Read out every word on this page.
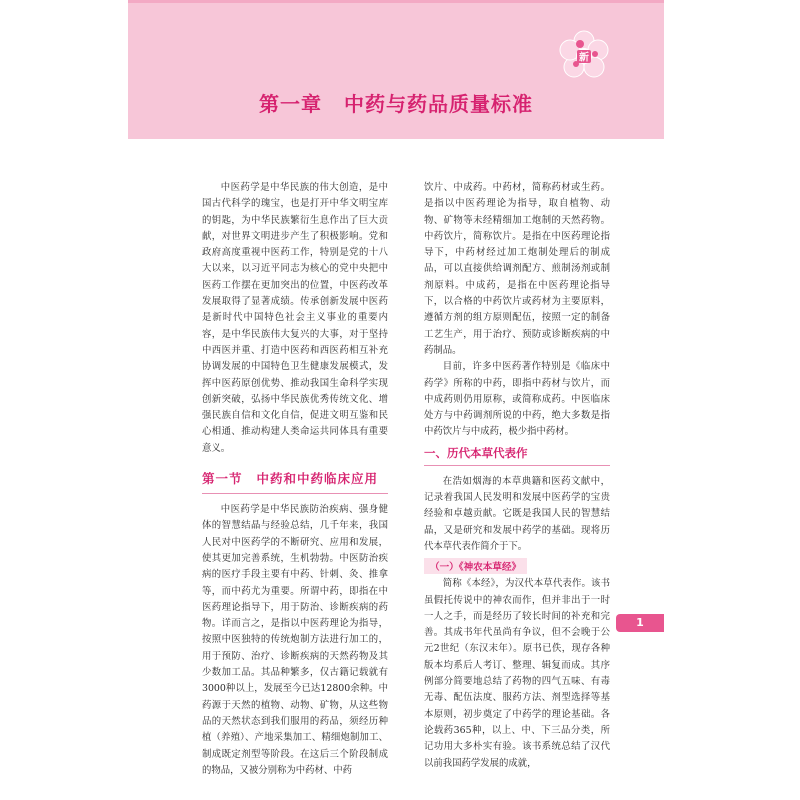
新
第一章 中药与药品质量标准

中医药学是中华民族的伟大创造，是中国古代科学的瑰宝，也是打开中华文明宝库的钥匙，为中华民族繁衍生息作出了巨大贡献，对世界文明进步产生了积极影响。党和政府高度重视中医药工作，特别是党的十八大以来，以习近平同志为核心的党中央把中医药工作摆在更加突出的位置，中医药改革发展取得了显著成绩。传承创新发展中医药是新时代中国特色社会主义事业的重要内容，是中华民族伟大复兴的大事，对于坚持中西医并重、打造中医药和西医药相互补充协调发展的中国特色卫生健康发展模式，发挥中医药原创优势、推动我国生命科学实现创新突破，弘扬中华民族优秀传统文化、增强民族自信和文化自信，促进文明互鉴和民心相通、推动构建人类命运共同体具有重要意义。

第一节 中药和中药临床应用

中医药学是中华民族防治疾病、强身健体的智慧结晶与经验总结，几千年来，我国人民对中医药学的不断研究、应用和发展，使其更加完善系统，生机勃勃。中医防治疾病的医疗手段主要有中药、针刺、灸、推拿等，而中药尤为重要。所谓中药，即指在中医药理论指导下，用于防治、诊断疾病的药物。详而言之，是指以中医药理论为指导，按照中医独特的传统炮制方法进行加工的，用于预防、治疗、诊断疾病的天然药物及其少数加工品。其品种繁多，仅古籍记载就有3000种以上，发展至今已达12800余种。中药源于天然的植物、动物、矿物，从这些物品的天然状态到我们服用的药品，须经历种植（养殖）、产地采集加工、精细炮制加工、制成既定剂型等阶段。在这后三个阶段制成的物品，又被分别称为中药材、中药

饮片、中成药。中药材，简称药材或生药。是指以中医药理论为指导，取自植物、动物、矿物等未经精细加工炮制的天然药物。中药饮片，简称饮片。是指在中医药理论指导下，中药材经过加工炮制处理后的制成品，可以直接供给调剂配方、煎制汤剂或制剂原料。中成药，是指在中医药理论指导下，以合格的中药饮片或药材为主要原料，遵循方剂的组方原则配伍，按照一定的制备工艺生产，用于治疗、预防或诊断疾病的中药制品。

目前，许多中医药著作特别是《临床中药学》所称的中药，即指中药材与饮片，而中成药则仍用原称，或简称成药。中医临床处方与中药调剂所说的中药，绝大多数是指中药饮片与中成药，极少指中药材。

一、历代本草代表作

在浩如烟海的本草典籍和医药文献中，记录着我国人民发明和发展中医药学的宝贵经验和卓越贡献。它既是我国人民的智慧结晶，又是研究和发展中药学的基础。现将历代本草代表作简介于下。

（一）《神农本草经》

简称《本经》，为汉代本草代表作。该书虽假托传说中的神农而作，但并非出于一时一人之手，而是经历了较长时间的补充和完善。其成书年代虽尚有争议，但不会晚于公元2世纪（东汉末年）。原书已佚，现存各种版本均系后人考订、整理、辑复而成。其序例部分简要地总结了药物的四气五味、有毒无毒、配伍法度、服药方法、剂型选择等基本原则，初步奠定了中药学的理论基础。各论载药365种，以上、中、下三品分类，所记功用大多朴实有验。该书系统总结了汉代以前我国药学发展的成就，

1
